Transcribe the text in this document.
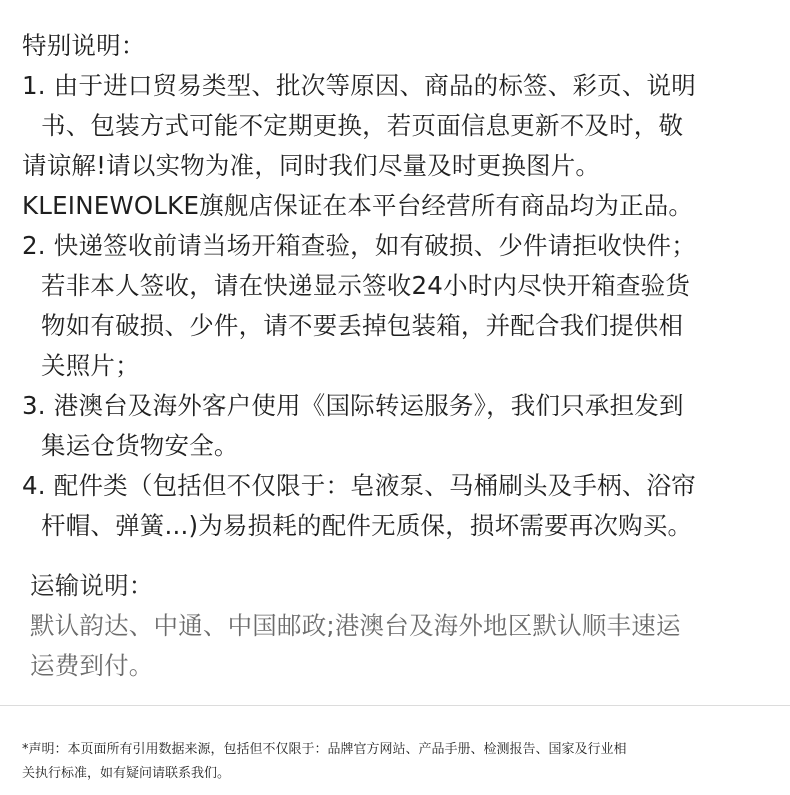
特别说明：
1. 由于进口贸易类型、批次等原因、商品的标签、彩页、说明
书、包装方式可能不定期更换，若页面信息更新不及时，敬
请谅解!请以实物为准，同时我们尽量及时更换图片。
KLEINEWOLKE旗舰店保证在本平台经营所有商品均为正品。
2. 快递签收前请当场开箱查验，如有破损、少件请拒收快件；
若非本人签收，请在快递显示签收24小时内尽快开箱查验货
物如有破损、少件，请不要丢掉包装箱，并配合我们提供相
关照片；
3. 港澳台及海外客户使用《国际转运服务》，我们只承担发到
集运仓货物安全。
4. 配件类（包括但不仅限于：皂液泵、马桶刷头及手柄、浴帘
杆帽、弹簧...)为易损耗的配件无质保，损坏需要再次购买。
运输说明：
默认韵达、中通、中国邮政;港澳台及海外地区默认顺丰速运
运费到付。
*声明：本页面所有引用数据来源，包括但不仅限于：品牌官方网站、产品手册、检测报告、国家及行业相
关执行标准，如有疑问请联系我们。
